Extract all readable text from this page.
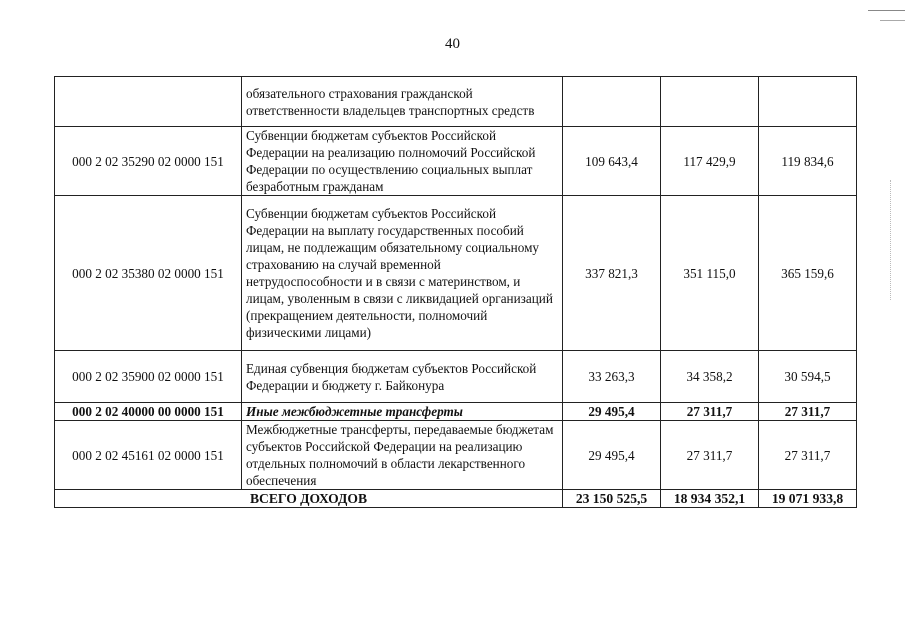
40
	обязательного страхования гражданской ответственности владельцев транспортных средств			
000 2 02 35290 02 0000 151	Субвенции бюджетам субъектов Российской Федерации на реализацию полномочий Российской Федерации по осуществлению социальных выплат безработным гражданам	109 643,4	117 429,9	119 834,6
000 2 02 35380 02 0000 151	Субвенции бюджетам субъектов Российской Федерации на выплату государственных пособий лицам, не подлежащим обязательному социальному страхованию на случай временной нетрудоспособности и в связи с материнством, и лицам, уволенным в связи с ликвидацией организаций (прекращением деятельности, полномочий физическими лицами)	337 821,3	351 115,0	365 159,6
000 2 02 35900 02 0000 151	Единая субвенция бюджетам субъектов Российской Федерации и бюджету г. Байконура	33 263,3	34 358,2	30 594,5
000 2 02 40000 00 0000 151	Иные межбюджетные трансферты	29 495,4	27 311,7	27 311,7
000 2 02 45161 02 0000 151	Межбюджетные трансферты, передаваемые бюджетам субъектов Российской Федерации на реализацию отдельных полномочий в области лекарственного обеспечения	29 495,4	27 311,7	27 311,7
ВСЕГО ДОХОДОВ		23 150 525,5	18 934 352,1	19 071 933,8
